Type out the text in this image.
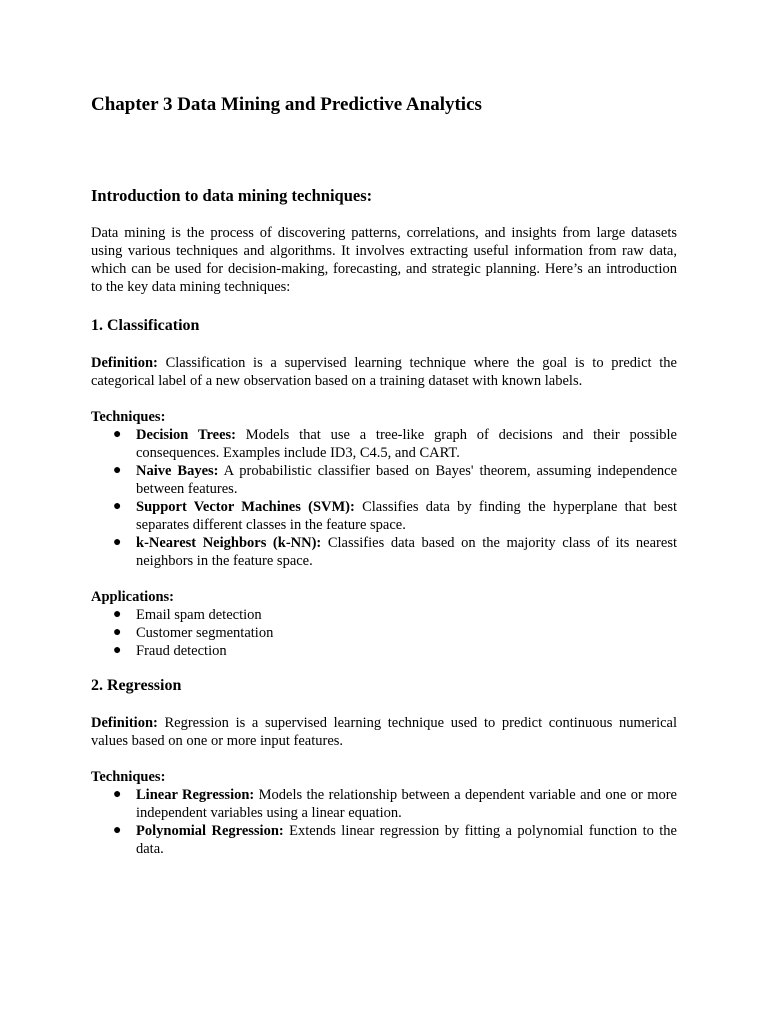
Chapter 3 Data Mining and Predictive Analytics
Introduction to data mining techniques:

Data mining is the process of discovering patterns, correlations, and insights from large datasets using various techniques and algorithms. It involves extracting useful information from raw data, which can be used for decision-making, forecasting, and strategic planning. Here’s an introduction to the key data mining techniques:

1. Classification

Definition: Classification is a supervised learning technique where the goal is to predict the categorical label of a new observation based on a training dataset with known labels.

Techniques:

● Decision Trees: Models that use a tree-like graph of decisions and their possible consequences. Examples include ID3, C4.5, and CART.
● Naive Bayes: A probabilistic classifier based on Bayes' theorem, assuming independence between features.
● Support Vector Machines (SVM): Classifies data by finding the hyperplane that best separates different classes in the feature space.
● k-Nearest Neighbors (k-NN): Classifies data based on the majority class of its nearest neighbors in the feature space.

Applications:

● Email spam detection
● Customer segmentation
● Fraud detection
2. Regression

Definition: Regression is a supervised learning technique used to predict continuous numerical values based on one or more input features.

Techniques:

● Linear Regression: Models the relationship between a dependent variable and one or more independent variables using a linear equation.
● Polynomial Regression: Extends linear regression by fitting a polynomial function to the data.
